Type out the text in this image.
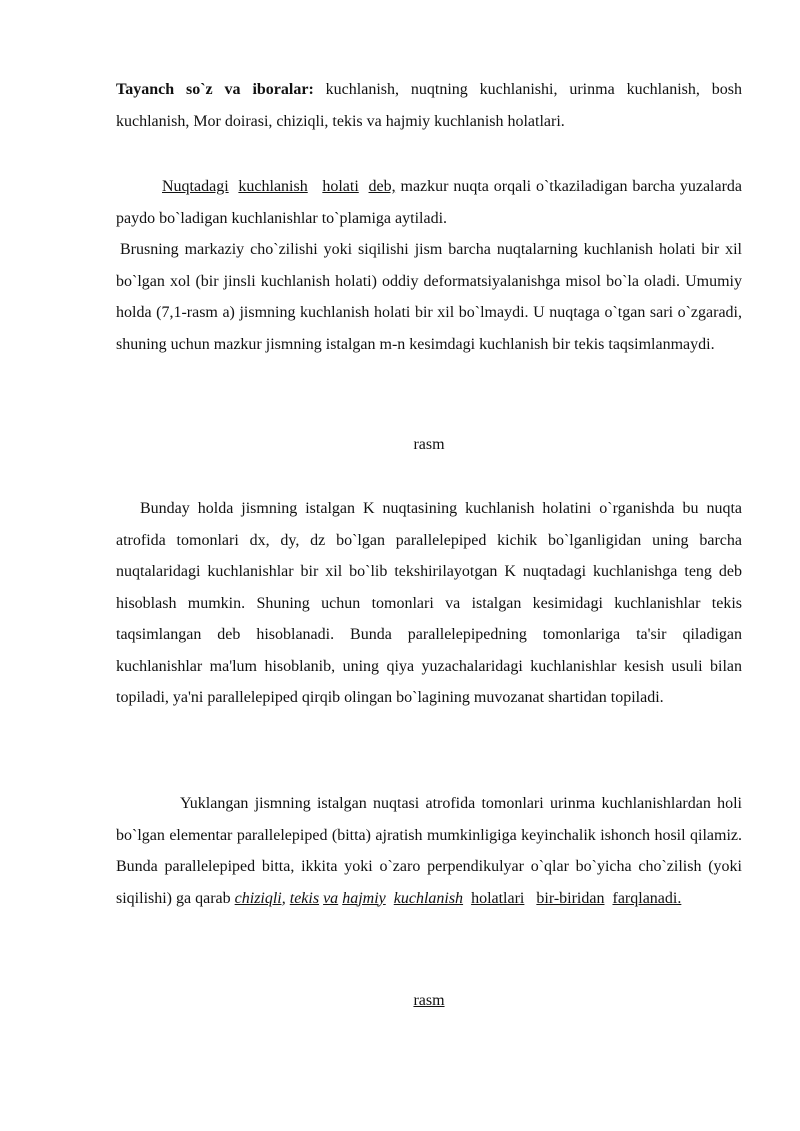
Tayanch so`z va iboralar: kuchlanish, nuqtning kuchlanishi, urinma kuchlanish, bosh kuchlanish, Mor doirasi, chiziqli, tekis va hajmiy kuchlanish holatlari.

Nuqtadagi kuchlanish holati deb, mazkur nuqta orqali o`tkaziladigan barcha yuzalarda paydo bo`ladigan kuchlanishlar to`plamiga aytiladi.

Brusning markaziy cho`zilishi yoki siqilishi jism barcha nuqtalarning kuchlanish holati bir xil bo`lgan xol (bir jinsli kuchlanish holati) oddiy deformatsiyalanishga misol bo`la oladi. Umumiy holda (7,1-rasm a) jismning kuchlanish holati bir xil bo`lmaydi. U nuqtaga o`tgan sari o`zgaradi, shuning uchun mazkur jismning istalgan m-n kesimdagi kuchlanish bir tekis taqsimlanmaydi.

rasm

Bunday holda jismning istalgan K nuqtasining kuchlanish holatini o`rganishda bu nuqta atrofida tomonlari dx, dy, dz bo`lgan parallelepiped kichik bo`lganligidan uning barcha nuqtalaridagi kuchlanishlar bir xil bo`lib tekshirilayotgan K nuqtadagi kuchlanishga teng deb hisoblash mumkin. Shuning uchun tomonlari va istalgan kesimidagi kuchlanishlar tekis taqsimlangan deb hisoblanadi. Bunda parallelepipedning tomonlariga ta'sir qiladigan kuchlanishlar ma'lum hisoblanib, uning qiya yuzachalaridagi kuchlanishlar kesish usuli bilan topiladi, ya'ni parallelepiped qirqib olingan bo`lagining muvozanat shartidan topiladi.

Yuklangan jismning istalgan nuqtasi atrofida tomonlari urinma kuchlanishlardan holi bo`lgan elementar parallelepiped (bitta) ajratish mumkinligiga keyinchalik ishonch hosil qilamiz. Bunda parallelepiped bitta, ikkita yoki o`zaro perpendikulyar o`qlar bo`yicha cho`zilish (yoki siqilishi) ga qarab chiziqli, tekis va hajmiy kuchlanish holatlari bir-biridan farqlanadi.

rasm
